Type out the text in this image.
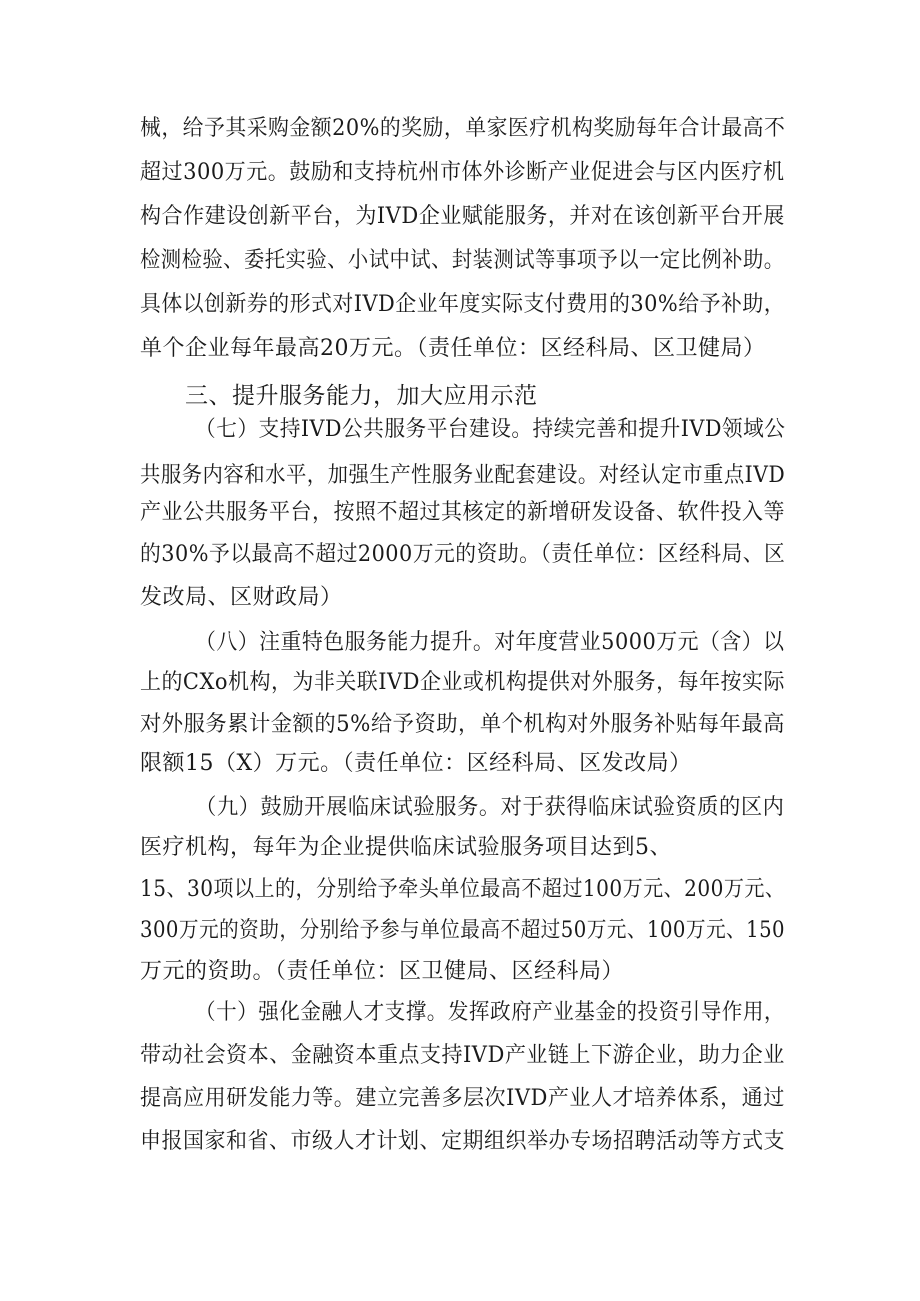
械，给予其采购金额20%的奖励，单家医疗机构奖励每年合计最高不
超过300万元。鼓励和支持杭州市体外诊断产业促进会与区内医疗机
构合作建设创新平台，为IVD企业赋能服务，并对在该创新平台开展
检测检验、委托实验、小试中试、封装测试等事项予以一定比例补助。
具体以创新券的形式对IVD企业年度实际支付费用的30%给予补助，
单个企业每年最高20万元。（责任单位：区经科局、区卫健局）
三、提升服务能力，加大应用示范
（七）支持IVD公共服务平台建设。持续完善和提升IVD领域公
共服务内容和水平，加强生产性服务业配套建设。对经认定市重点IVD
产业公共服务平台，按照不超过其核定的新增研发设备、软件投入等
的30%予以最高不超过2000万元的资助。（责任单位：区经科局、区
发改局、区财政局）
（八）注重特色服务能力提升。对年度营业5000万元（含）以
上的CXo机构，为非关联IVD企业或机构提供对外服务，每年按实际
对外服务累计金额的5%给予资助，单个机构对外服务补贴每年最高
限额15（X）万元。（责任单位：区经科局、区发改局）
（九）鼓励开展临床试验服务。对于获得临床试验资质的区内
医疗机构，每年为企业提供临床试验服务项目达到5、
15、30项以上的，分别给予牵头单位最高不超过100万元、200万元、
300万元的资助，分别给予参与单位最高不超过50万元、100万元、150
万元的资助。（责任单位：区卫健局、区经科局）
（十）强化金融人才支撑。发挥政府产业基金的投资引导作用，
带动社会资本、金融资本重点支持IVD产业链上下游企业，助力企业
提高应用研发能力等。建立完善多层次IVD产业人才培养体系，通过
申报国家和省、市级人才计划、定期组织举办专场招聘活动等方式支
